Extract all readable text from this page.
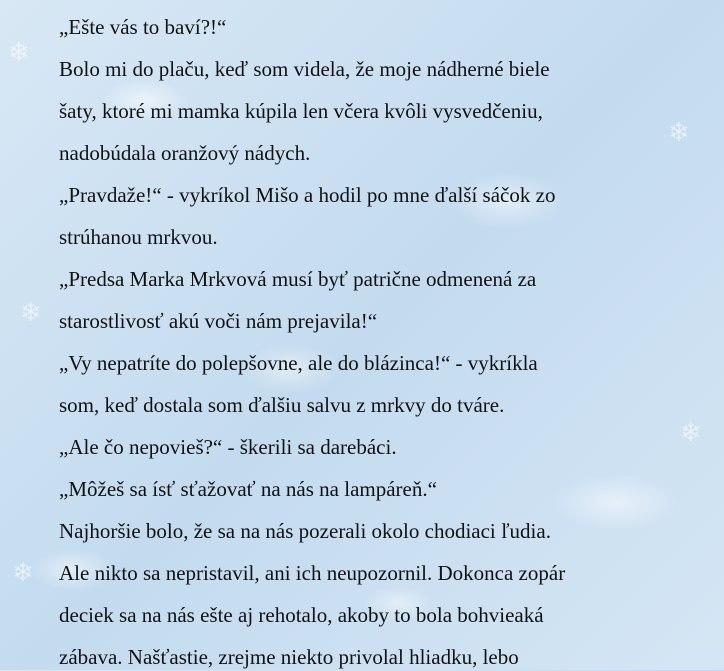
❄
❄
❄
❄
❄
„Ešte vás to baví?!“
Bolo mi do plaču, keď som videla, že moje nádherné biele
šaty, ktoré mi mamka kúpila len včera kvôli vysvedčeniu,
nadobúdala oranžový nádych.
„Pravdaže!“ - vykríkol Mišo a hodil po mne ďalší sáčok zo
strúhanou mrkvou.
„Predsa Marka Mrkvová musí byť patrične odmenená za
starostlivosť akú voči nám prejavila!“
„Vy nepatríte do polepšovne, ale do blázinca!“ - vykríkla
som, keď dostala som ďalšiu salvu z mrkvy do tváre.
„Ale čo nepovieš?“ - škerili sa darebáci.
„Môžeš sa ísť sťažovať na nás na lampáreň.“
Najhoršie bolo, že sa na nás pozerali okolo chodiaci ľudia.
Ale nikto sa nepristavil, ani ich neupozornil. Dokonca zopár
deciek sa na nás ešte aj rehotalo, akoby to bola bohvieaká
zábava. Našťastie, zrejme niekto privolal hliadku, lebo
